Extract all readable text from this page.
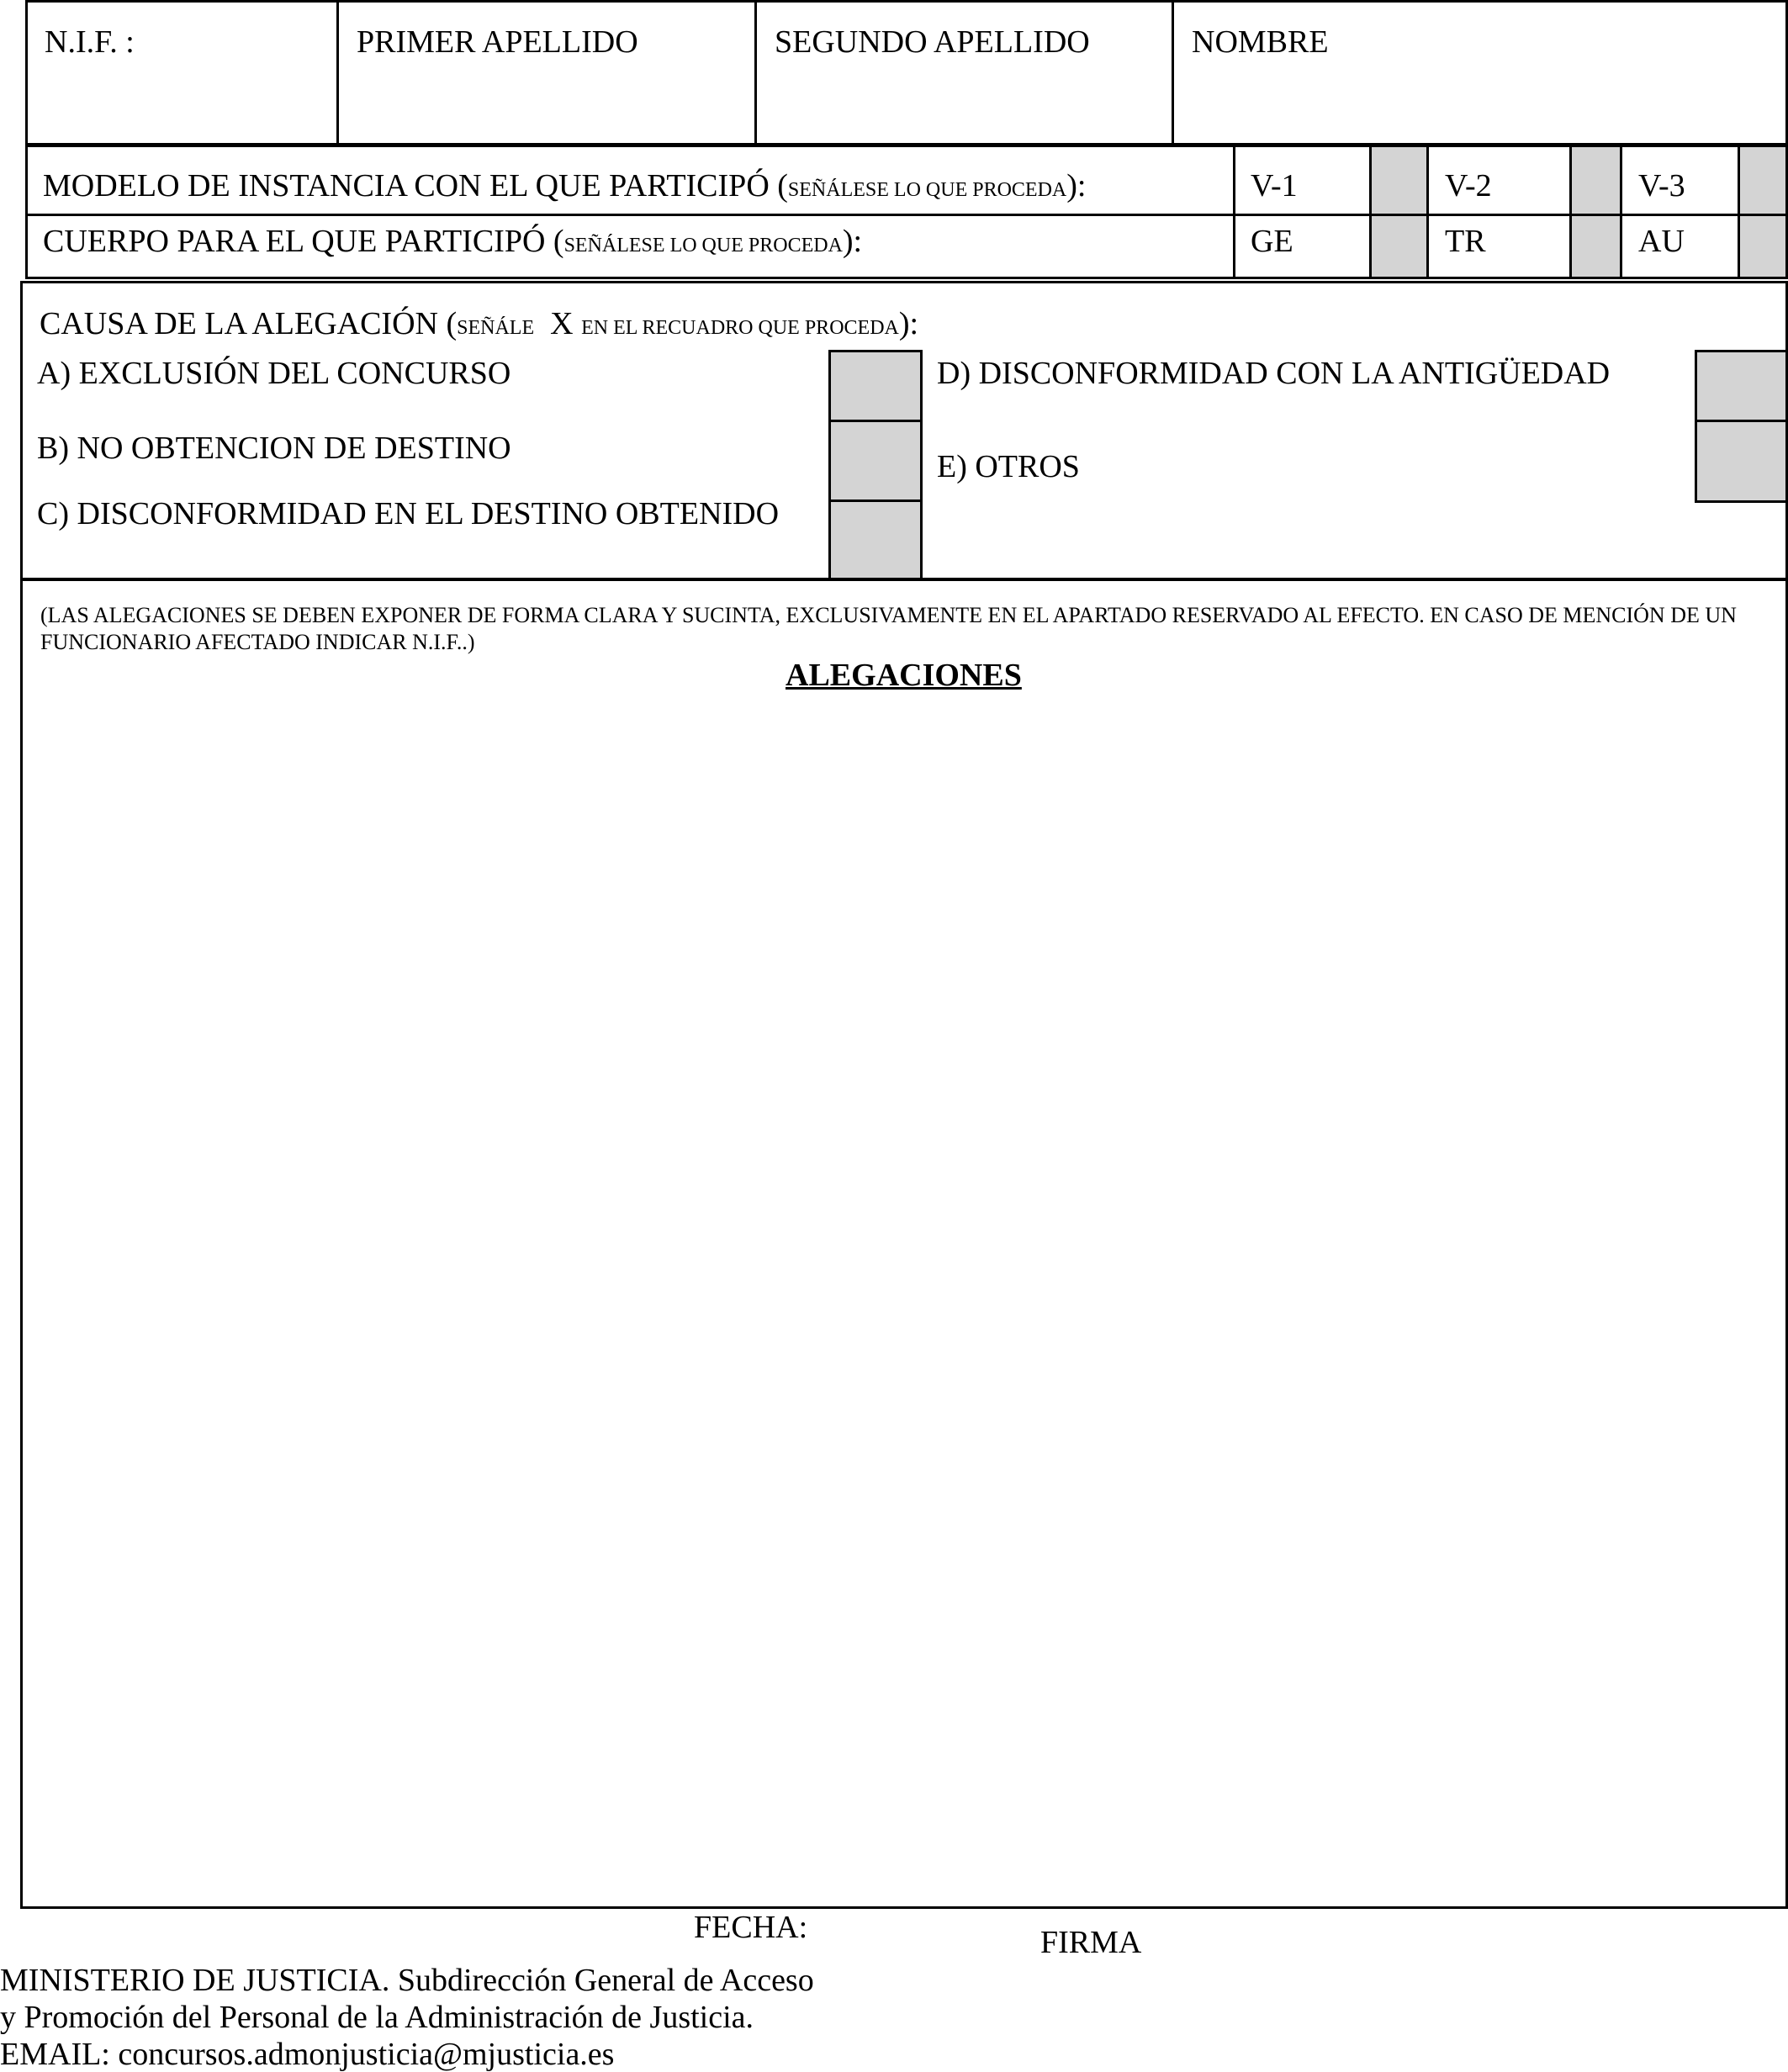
N.I.F. :	PRIMER APELLIDO	SEGUNDO APELLIDO	NOMBRE
MODELO DE INSTANCIA CON EL QUE PARTICIPÓ (SEÑÁLESE LO QUE PROCEDA):	V-1	V-2	V-3
CUERPO PARA EL QUE PARTICIPÓ (SEÑÁLESE LO QUE PROCEDA):	GE	TR	AU
CAUSA DE LA ALEGACIÓN (SEÑÁLE X EN EL RECUADRO QUE PROCEDA):
A) EXCLUSIÓN DEL CONCURSO
B) NO OBTENCION DE DESTINO
C) DISCONFORMIDAD EN EL DESTINO OBTENIDO
D) DISCONFORMIDAD CON LA ANTIGÜEDAD
E) OTROS
(LAS ALEGACIONES SE DEBEN EXPONER DE FORMA CLARA Y SUCINTA, EXCLUSIVAMENTE EN EL APARTADO RESERVADO AL EFECTO. EN CASO DE MENCIÓN DE UN FUNCIONARIO AFECTADO INDICAR N.I.F..)
ALEGACIONES
FECHA:	FIRMA
MINISTERIO DE JUSTICIA. Subdirección General de Acceso
y Promoción del Personal de la Administración de Justicia.
EMAIL: concursos.admonjusticia@mjusticia.es
